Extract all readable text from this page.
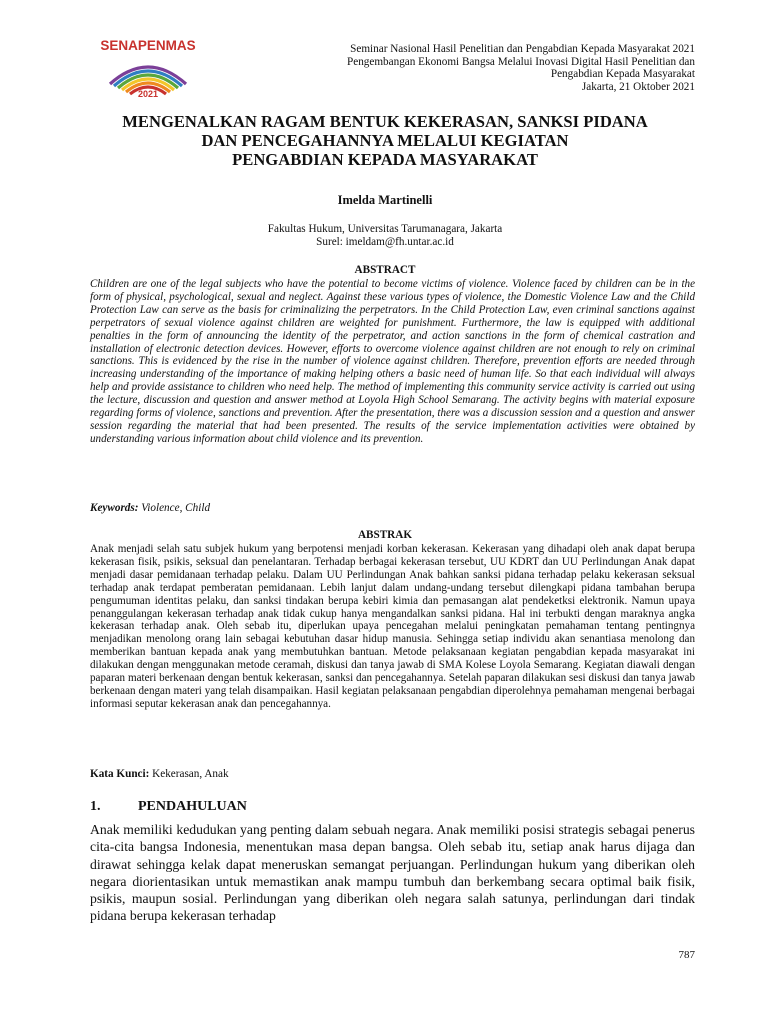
SENAPENMAS
2021
Seminar Nasional Hasil Penelitian dan Pengabdian Kepada Masyarakat 2021
Pengembangan Ekonomi Bangsa Melalui Inovasi Digital Hasil Penelitian dan
Pengabdian Kepada Masyarakat
Jakarta, 21 Oktober 2021
MENGENALKAN RAGAM BENTUK KEKERASAN, SANKSI PIDANA
DAN PENCEGAHANNYA MELALUI KEGIATAN
PENGABDIAN KEPADA MASYARAKAT
Imelda Martinelli
Fakultas Hukum, Universitas Tarumanagara, Jakarta
Surel: imeldam@fh.untar.ac.id
ABSTRACT

Children are one of the legal subjects who have the potential to become victims of violence. Violence faced by children can be in the form of physical, psychological, sexual and neglect. Against these various types of violence, the Domestic Violence Law and the Child Protection Law can serve as the basis for criminalizing the perpetrators. In the Child Protection Law, even criminal sanctions against perpetrators of sexual violence against children are weighted for punishment. Furthermore, the law is equipped with additional penalties in the form of announcing the identity of the perpetrator, and action sanctions in the form of chemical castration and installation of electronic detection devices. However, efforts to overcome violence against children are not enough to rely on criminal sanctions. This is evidenced by the rise in the number of violence against children. Therefore, prevention efforts are needed through increasing understanding of the importance of making helping others a basic need of human life. So that each individual will always help and provide assistance to children who need help. The method of implementing this community service activity is carried out using the lecture, discussion and question and answer method at Loyola High School Semarang. The activity begins with material exposure regarding forms of violence, sanctions and prevention. After the presentation, there was a discussion session and a question and answer session regarding the material that had been presented. The results of the service implementation activities were obtained by understanding various information about child violence and its prevention.

Keywords: Violence, Child
ABSTRAK

Anak menjadi selah satu subjek hukum yang berpotensi menjadi korban kekerasan. Kekerasan yang dihadapi oleh anak dapat berupa kekerasan fisik, psikis, seksual dan penelantaran. Terhadap berbagai kekerasan tersebut, UU KDRT dan UU Perlindungan Anak dapat menjadi dasar pemidanaan terhadap pelaku. Dalam UU Perlindungan Anak bahkan sanksi pidana terhadap pelaku kekerasan seksual terhadap anak terdapat pemberatan pemidanaan. Lebih lanjut dalam undang-undang tersebut dilengkapi pidana tambahan berupa pengumuman identitas pelaku, dan sanksi tindakan berupa kebiri kimia dan pemasangan alat pendeketksi elektronik. Namun upaya penanggulangan kekerasan terhadap anak tidak cukup hanya mengandalkan sanksi pidana. Hal ini terbukti dengan maraknya angka kekerasan terhadap anak. Oleh sebab itu, diperlukan upaya pencegahan melalui peningkatan pemahaman tentang pentingnya menjadikan menolong orang lain sebagai kebutuhan dasar hidup manusia. Sehingga setiap individu akan senantiasa menolong dan memberikan bantuan kepada anak yang membutuhkan bantuan. Metode pelaksanaan kegiatan pengabdian kepada masyarakat ini dilakukan dengan menggunakan metode ceramah, diskusi dan tanya jawab di SMA Kolese Loyola Semarang. Kegiatan diawali dengan paparan materi berkenaan dengan bentuk kekerasan, sanksi dan pencegahannya. Setelah paparan dilakukan sesi diskusi dan tanya jawab berkenaan dengan materi yang telah disampaikan. Hasil kegiatan pelaksanaan pengabdian diperolehnya pemahaman mengenai berbagai informasi seputar kekerasan anak dan pencegahannya.

Kata Kunci: Kekerasan, Anak
1.	PENDAHULUAN

Anak memiliki kedudukan yang penting dalam sebuah negara. Anak memiliki posisi strategis sebagai penerus cita-cita bangsa Indonesia, menentukan masa depan bangsa. Oleh sebab itu, setiap anak harus dijaga dan dirawat sehingga kelak dapat meneruskan semangat perjuangan. Perlindungan hukum yang diberikan oleh negara diorientasikan untuk memastikan anak mampu tumbuh dan berkembang secara optimal baik fisik, psikis, maupun sosial. Perlindungan yang diberikan oleh negara salah satunya, perlindungan dari tindak pidana berupa kekerasan terhadap

787
